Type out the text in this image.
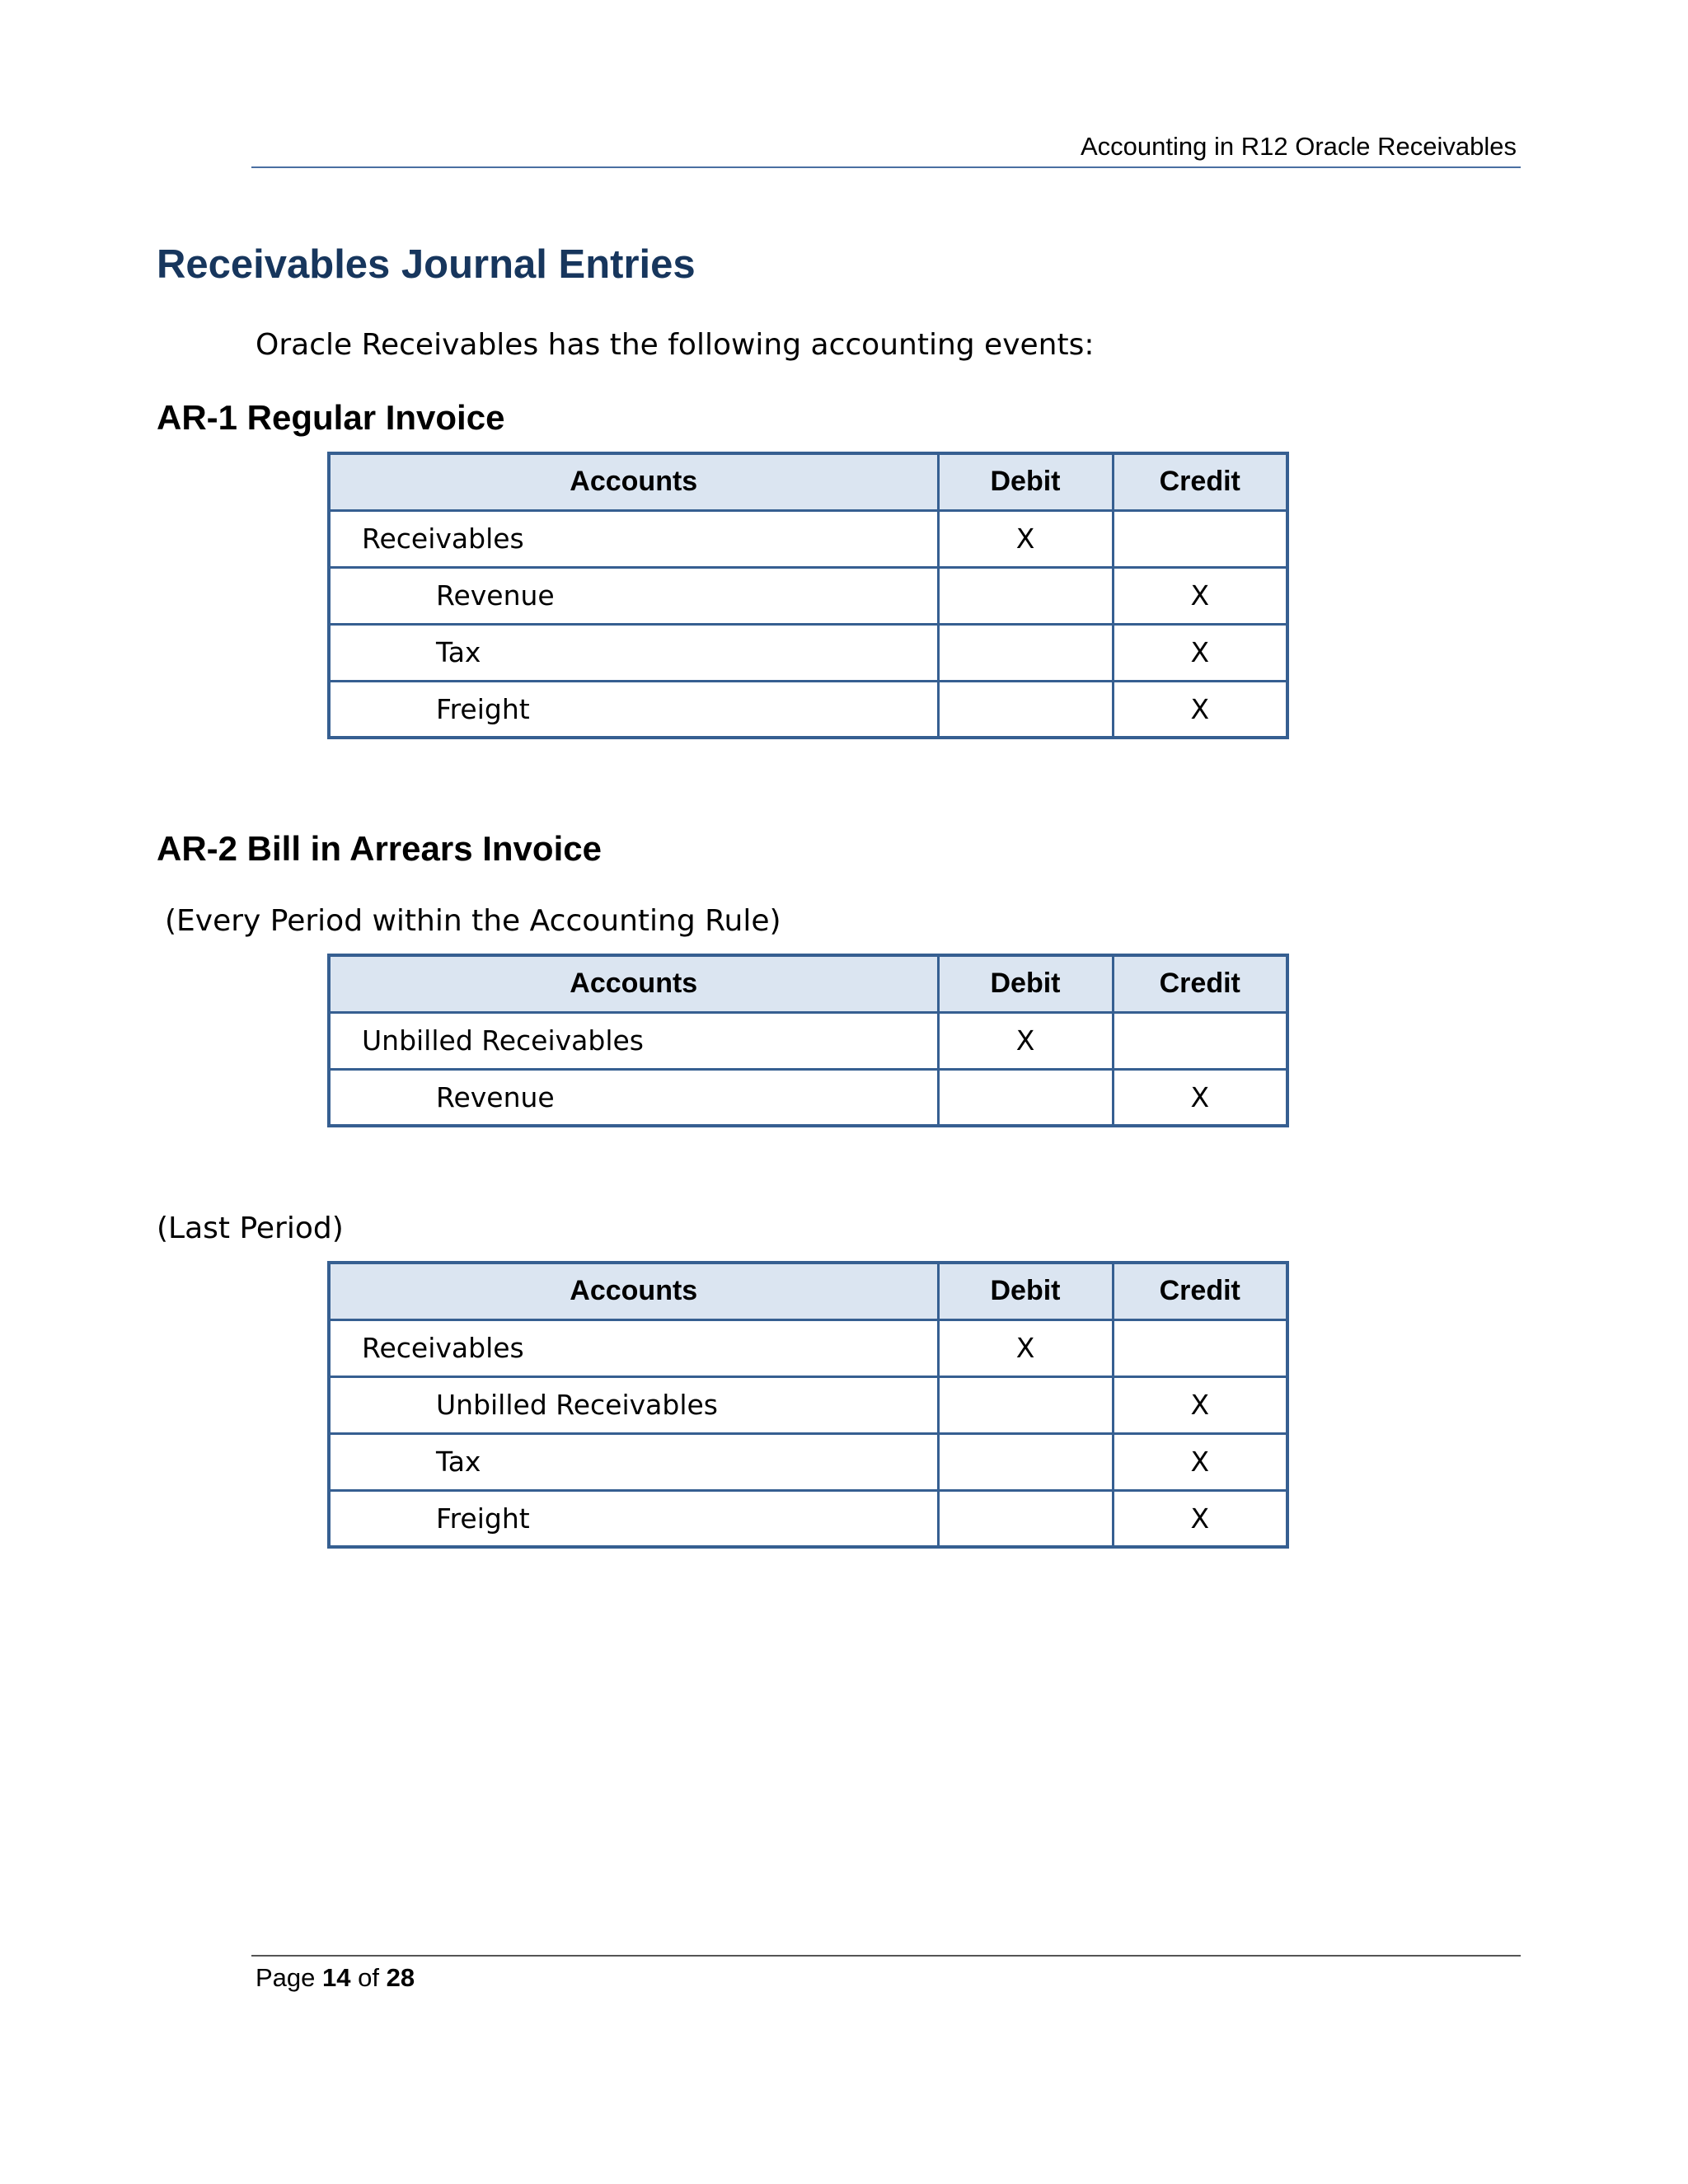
Accounting in R12 Oracle Receivables
Receivables Journal Entries

Oracle Receivables has the following accounting events:

AR-1 Regular Invoice
Accounts	Debit	Credit
Receivables	X	
Revenue		X
Tax		X
Freight		X
AR-2 Bill in Arrears Invoice

(Every Period within the Accounting Rule)

Accounts	Debit	Credit
Unbilled Receivables	X	
Revenue		X

(Last Period)

Accounts	Debit	Credit
Receivables	X	
Unbilled Receivables		X
Tax		X
Freight		X
Page 14 of 28
